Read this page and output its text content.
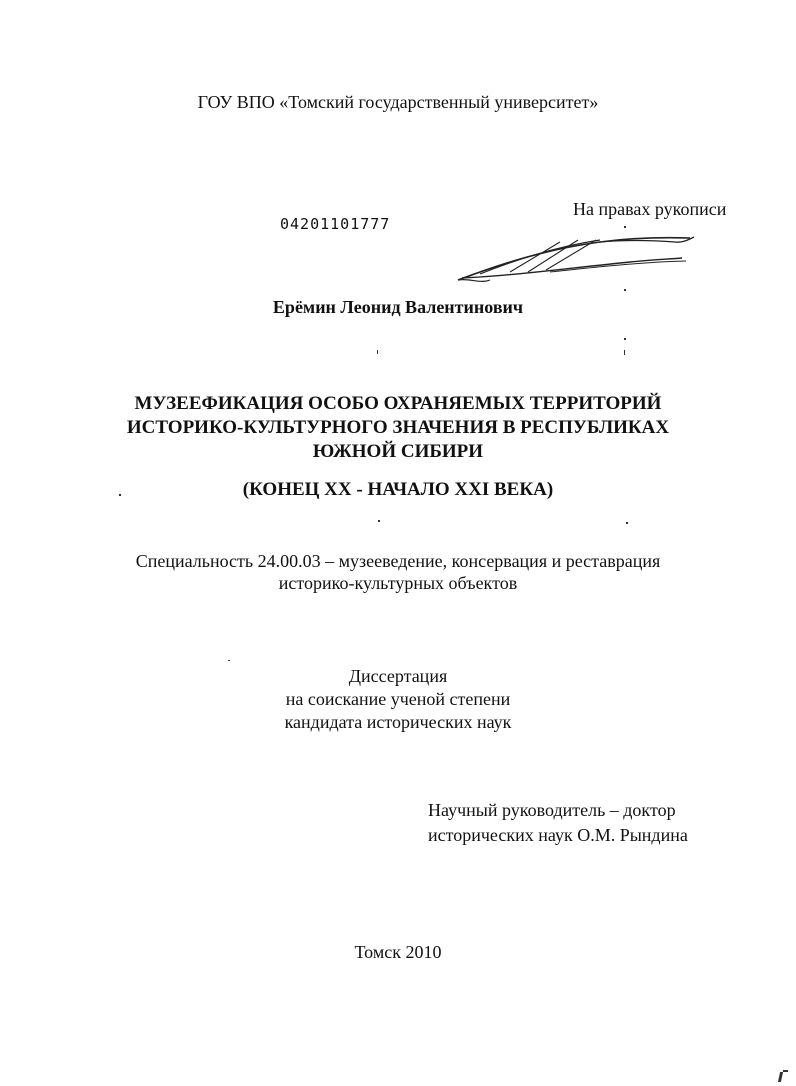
ГОУ ВПО «Томский государственный университет»
На правах рукописи
04201101777
Ерёмин Леонид Валентинович
МУЗЕЕФИКАЦИЯ ОСОБО ОХРАНЯЕМЫХ ТЕРРИТОРИЙ
ИСТОРИКО-КУЛЬТУРНОГО ЗНАЧЕНИЯ В РЕСПУБЛИКАХ
ЮЖНОЙ СИБИРИ
(КОНЕЦ XX - НАЧАЛО XXI ВЕКА)
Специальность 24.00.03 – музееведение, консервация и реставрация
историко-культурных объектов
Диссертация
на соискание ученой степени
кандидата исторических наук
Научный руководитель – доктор
исторических наук О.М. Рындина
Томск 2010
